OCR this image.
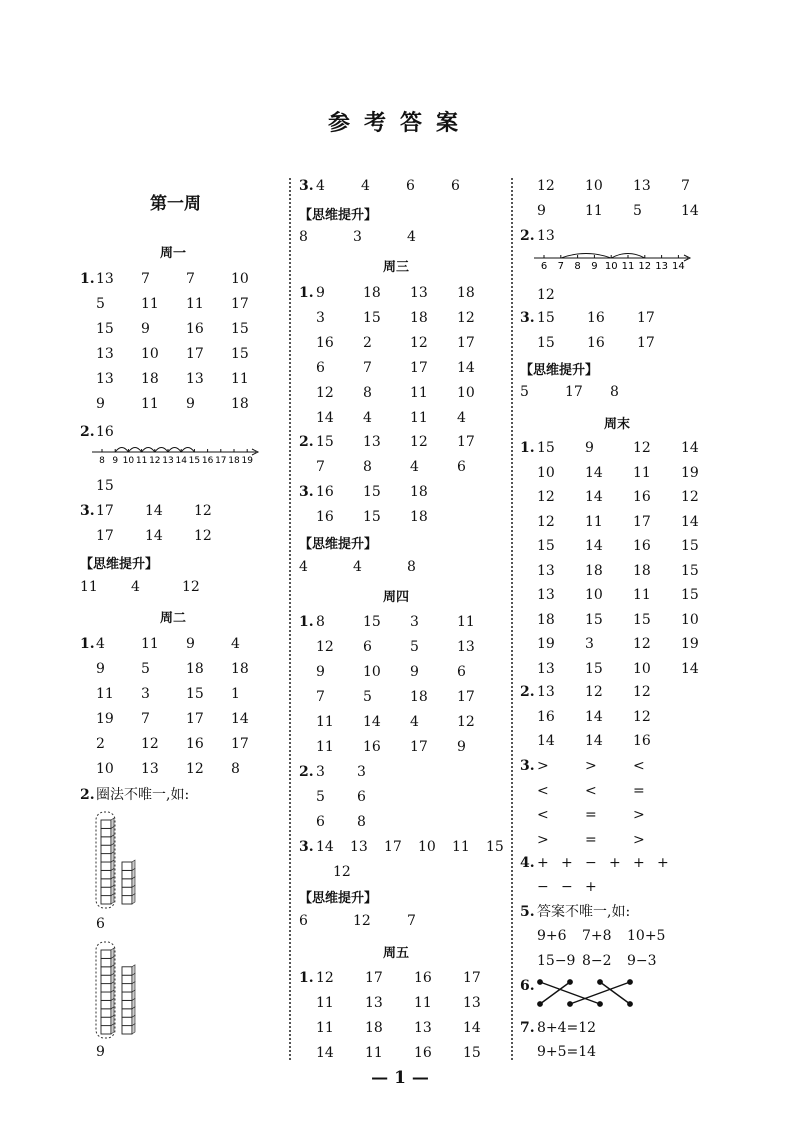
参考答案
第一周
周一
1. 13 7	7	10
5	11 11 17
15 9	16 15
13 10 17 15
13 18 13 11
9	11 9	18
2. 16
8 9 10 11 12 13 14 15 16 17 18 19
15
3. 17 14 12
17 14 12
【思维提升】
11 4	12
周二
1. 4	11 9	4
9	5	18 18
11 3	15 1
19 7	17 14
2	12 16 17
10 13 12 8
2. 圈法不唯一,如:
6
9
3. 4	4	6	6
【思维提升】
8	3	4
周三
1. 9	18 13 18
3	15 18 12
16 2	12 17
6	7	17 14
12 8	11 10
14 4	11 4
2. 15 13 12 17
7	8	4	6
3. 16 15 18
16 15 18
【思维提升】
4	4	8
周四
1. 8	15 3	11
12 6	5	13
9	10 9	6
7	5	18 17
11 14 4	12
11 16 17 9
2. 3 3
5 6
6 8
3. 14 13 17 10 11 15
12
【思维提升】
6	12	7
周五
1. 12 17 16 17
11 13 11 13
11 18 13 14
14 11 16 15
12 10 13 7
9	11 5	14
2. 13
6 7 8 9 10 11 12 13 14
12
3. 15 16 17
15 16 17
【思维提升】
5	17 8
周末
1. 15 9	12 14
10 14 11 19
12 14 16 12
12 11 17 14
15 14 16 15
13 18 18 15
13 10 11 15
18 15 15 10
19 3	12 19
13 15 10 14
2. 13 12 12
16 14 12
14 14 16
3. >	>	<
<	<	=
<	=	>
>	=	>
4. + + − + + +
− − +
5. 答案不唯一,如:
9+6 7+8 10+5
15−9 8−2 9−3
6.
7. 8+4=12
9+5=14
— 1 —
